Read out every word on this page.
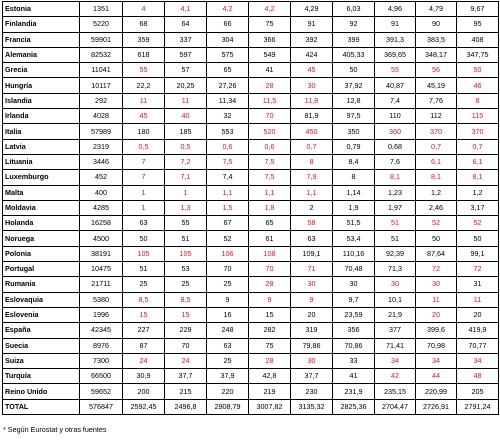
Estonia	1351	4	4,1	4,2	4,2	4,29	6,03	4,96	4,79	9,67
Finlandia	5220	68	64	66	75	91	92	91	90	95
Francia	59901	359	337	304	366	392	399	391,3	383,5	408
Alemania	82532	618	597	575	549	424	405,33	369,65	348,17	347,75
Grecia	11041	55	57	65	41	45	50	55	56	50
Hungría	10117	22,2	20,25	27,26	28	30	37,92	40,87	45,19	46
Islandia	292	11	11	11,34	11,5	11,8	12,8	7,4	7,76	8
Irlanda	4028	45	40	32	70	81,9	97,5	110	112	115
Italia	57989	180	185	553	520	450	350	360	370	370
Latvia	2319	0,5	0,5	0,6	0,6	0,7	0,79	0,68	0,7	0,7
Lituania	3446	7	7,2	7,5	7,5	8	8,4	7,6	6,1	6,1
Luxemburgo	452	7	7,1	7,4	7,5	7,9	8	8,1	8,1	8,1
Malta	400	1	1	1,1	1,1	1,1	1,14	1,23	1,2	1,2
Moldavia	4285	1	1,3	1,5	1,8	2	1,9	1,97	2,46	3,17
Holanda	16258	63	55	67	65	58	51,5	51	52	52
Noruega	4500	50	51	52	61	63	53,4	51	50	50
Polonia	38191	105	105	106	108	109,1	110,16	92,39	87,64	99,1
Portugal	10475	51	53	70	70	71	70,48	71,3	72	72
Rumania	21711	25	25	25	28	30	30	30	30	31
Eslovaquia	5380	8,5	8,5	9	9	9	9,7	10,1	11	11
Eslovenia	1996	15	15	16	15	20	23,59	21,9	20	20
España	42345	227	229	248	282	319	356	377	399,6	419,9
Suecia	8976	87	70	63	75	79,86	70,86	71,41	70,98	70,77
Suiza	7300	24	24	25	28	30	33	34	34	34
Turquía	66500	30,9	37,7	37,9	42,8	37,7	41	42	44	48
Reino Unido	59652	200	215	220	219	230	231,9	235,15	220,99	205
TOTAL	576847	2592,45	2496,8	2908,79	3007,82	3135,32	2825,36	2704,47	2726,91	2791,24
* Según Eurostat y otras fuentes
